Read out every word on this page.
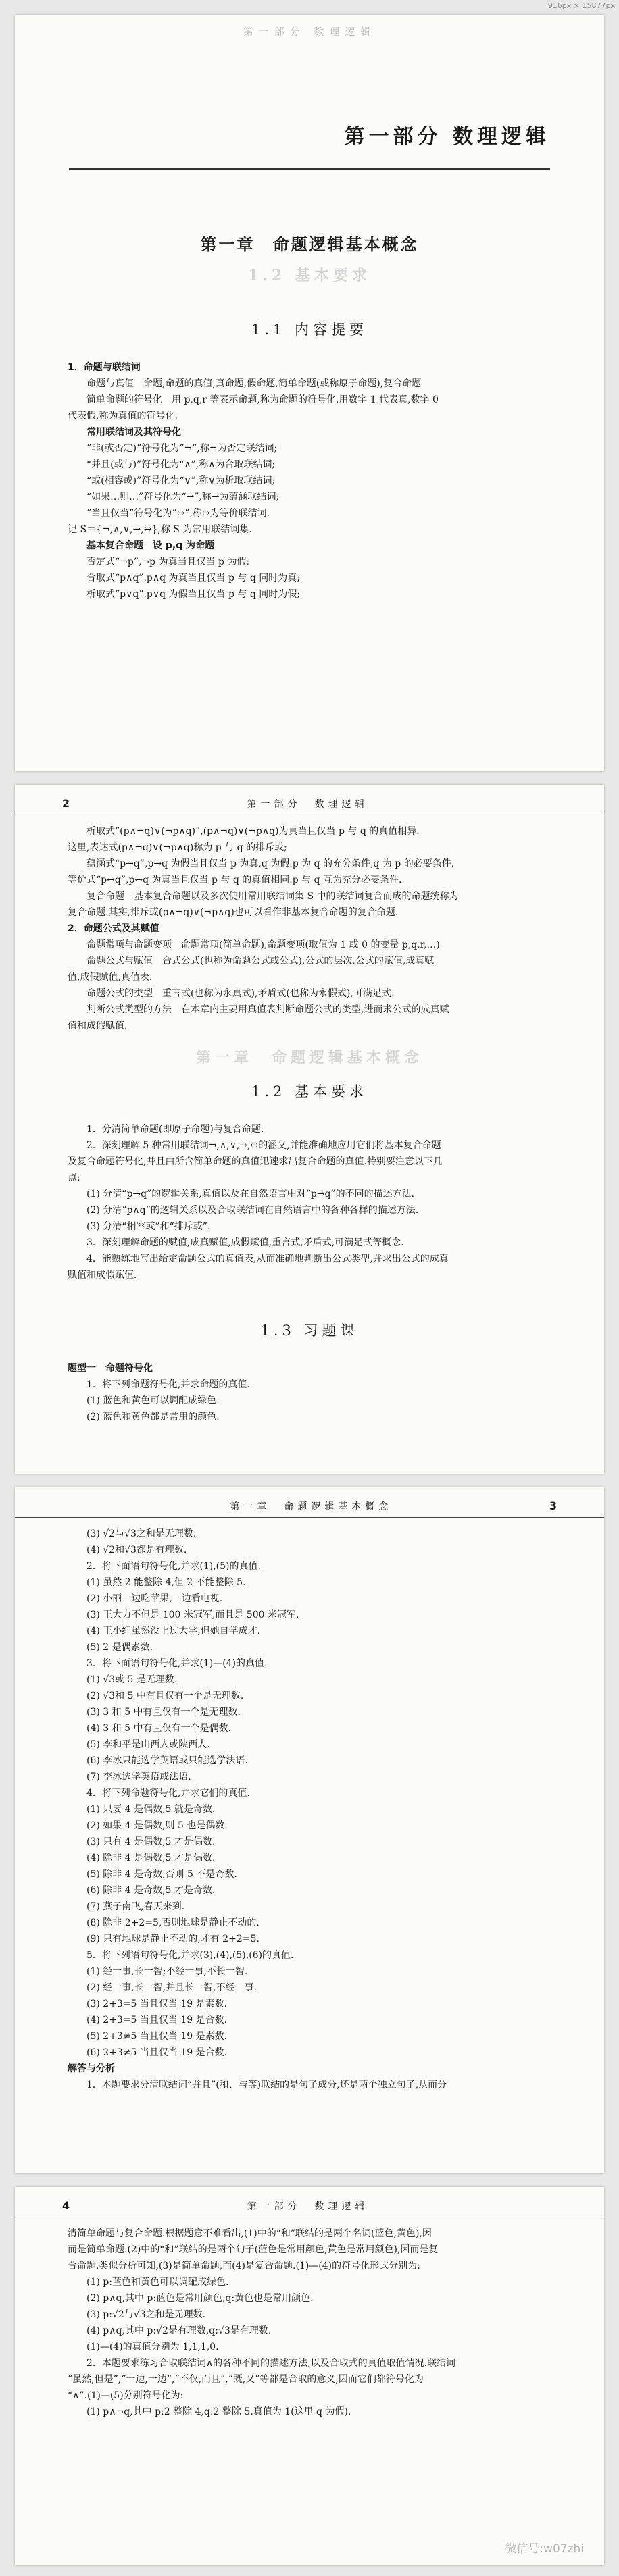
916px × 15877px
第一部分 数理逻辑
第一部分 数理逻辑
第一章 命题逻辑基本概念
1.2 基本要求
1.1 内容提要

1．命题与联结词

命题与真值　命题,命题的真值,真命题,假命题,简单命题(或称原子命题),复合命题

简单命题的符号化　用 p,q,r 等表示命题,称为命题的符号化.用数字 1 代表真,数字 0

代表假,称为真值的符号化.

常用联结词及其符号化

“非(或否定)”符号化为“¬”,称¬为否定联结词;

“并且(或与)”符号化为“∧”,称∧为合取联结词;

“或(相容或)”符号化为“∨”,称∨为析取联结词;

“如果…则…”符号化为“→”,称→为蕴涵联结词;

“当且仅当”符号化为“↔”,称↔为等价联结词.

记 S＝{¬,∧,∨,→,↔},称 S 为常用联结词集.

基本复合命题　设 p,q 为命题

否定式“¬p”,¬p 为真当且仅当 p 为假;

合取式“p∧q”,p∧q 为真当且仅当 p 与 q 同时为真;

析取式“p∨q”,p∨q 为假当且仅当 p 与 q 同时为假;

2	第一部分　数理逻辑

析取式“(p∧¬q)∨(¬p∧q)”,(p∧¬q)∨(¬p∧q)为真当且仅当 p 与 q 的真值相异.

这里,表达式(p∧¬q)∨(¬p∧q)称为 p 与 q 的排斥或;

蕴涵式“p→q”,p→q 为假当且仅当 p 为真,q 为假.p 为 q 的充分条件,q 为 p 的必要条件.

等价式“p↔q”,p↔q 为真当且仅当 p 与 q 的真值相同.p 与 q 互为充分必要条件.

复合命题　基本复合命题以及多次使用常用联结词集 S 中的联结词复合而成的命题统称为

复合命题.其实,排斥或(p∧¬q)∨(¬p∧q)也可以看作非基本复合命题的复合命题.

2．命题公式及其赋值

命题常项与命题变项　命题常项(简单命题),命题变项(取值为 1 或 0 的变量 p,q,r,…)

命题公式与赋值　合式公式(也称为命题公式或公式),公式的层次,公式的赋值,成真赋

值,成假赋值,真值表.

命题公式的类型　重言式(也称为永真式),矛盾式(也称为永假式),可满足式.

判断公式类型的方法　在本章内主要用真值表判断命题公式的类型,进而求公式的成真赋

值和成假赋值.

第一章　命题逻辑基本概念
1.2 基本要求

1．分清简单命题(即原子命题)与复合命题.

2．深刻理解 5 种常用联结词¬,∧,∨,→,↔的涵义,并能准确地应用它们将基本复合命题

及复合命题符号化,并且由所含简单命题的真值迅速求出复合命题的真值.特别要注意以下几

点:

(1) 分清“p→q”的逻辑关系,真值以及在自然语言中对“p→q”的不同的描述方法.

(2) 分清“p∧q”的逻辑关系以及合取联结词在自然语言中的各种各样的描述方法.

(3) 分清“相容或”和“排斥或”.

3．深刻理解命题的赋值,成真赋值,成假赋值,重言式,矛盾式,可满足式等概念.

4．能熟练地写出给定命题公式的真值表,从而准确地判断出公式类型,并求出公式的成真

赋值和成假赋值.

1.3 习题课

题型一　命题符号化

1．将下列命题符号化,并求命题的真值.

(1) 蓝色和黄色可以调配成绿色.

(2) 蓝色和黄色都是常用的颜色.

第一章　命题逻辑基本概念	3

(3) √2与√3之和是无理数.

(4) √2和√3都是有理数.

2．将下面语句符号化,并求(1),(5)的真值.

(1) 虽然 2 能整除 4,但 2 不能整除 5.

(2) 小丽一边吃苹果,一边看电视.

(3) 王大力不但是 100 米冠军,而且是 500 米冠军.

(4) 王小红虽然没上过大学,但她自学成才.

(5) 2 是偶素数.

3．将下面语句符号化,并求(1)—(4)的真值.

(1) √3或 5 是无理数.

(2) √3和 5 中有且仅有一个是无理数.

(3) 3 和 5 中有且仅有一个是无理数.

(4) 3 和 5 中有且仅有一个是偶数.

(5) 李和平是山西人或陕西人.

(6) 李冰只能选学英语或只能选学法语.

(7) 李冰选学英语或法语.

4．将下列命题符号化,并求它们的真值.

(1) 只要 4 是偶数,5 就是奇数.

(2) 如果 4 是偶数,则 5 也是偶数.

(3) 只有 4 是偶数,5 才是偶数.

(4) 除非 4 是偶数,5 才是偶数.

(5) 除非 4 是奇数,否则 5 不是奇数.

(6) 除非 4 是奇数,5 才是奇数.

(7) 燕子南飞,春天来到.

(8) 除非 2+2=5,否则地球是静止不动的.

(9) 只有地球是静止不动的,才有 2+2=5.

5．将下列语句符号化,并求(3),(4),(5),(6)的真值.

(1) 经一事,长一智;不经一事,不长一智.

(2) 经一事,长一智,并且长一智,不经一事.

(3) 2+3=5 当且仅当 19 是素数.

(4) 2+3=5 当且仅当 19 是合数.

(5) 2+3≠5 当且仅当 19 是素数.

(6) 2+3≠5 当且仅当 19 是合数.

解答与分析

1．本题要求分清联结词“并且”(和、与等)联结的是句子成分,还是两个独立句子,从而分

4	第一部分　数理逻辑

清简单命题与复合命题.根据题意不难看出,(1)中的“和”联结的是两个名词(蓝色,黄色),因

而是简单命题.(2)中的“和”联结的是两个句子(蓝色是常用颜色,黄色是常用颜色),因而是复

合命题.类似分析可知,(3)是简单命题,而(4)是复合命题.(1)—(4)的符号化形式分别为:

(1) p:蓝色和黄色可以调配成绿色.

(2) p∧q,其中 p:蓝色是常用颜色,q:黄色也是常用颜色.

(3) p:√2与√3之和是无理数.

(4) p∧q,其中 p:√2是有理数,q:√3是有理数.

(1)—(4)的真值分别为 1,1,1,0.

2．本题要求练习合取联结词∧的各种不同的描述方法,以及合取式的真值取值情况.联结词

“虽然,但是”,“一边,一边”,“不仅,而且”,“既,又”等都是合取的意义,因而它们都符号化为

“∧”.(1)—(5)分别符号化为:

(1) p∧¬q,其中 p:2 整除 4,q:2 整除 5.真值为 1(这里 q 为假).

微信号:w07zhi
